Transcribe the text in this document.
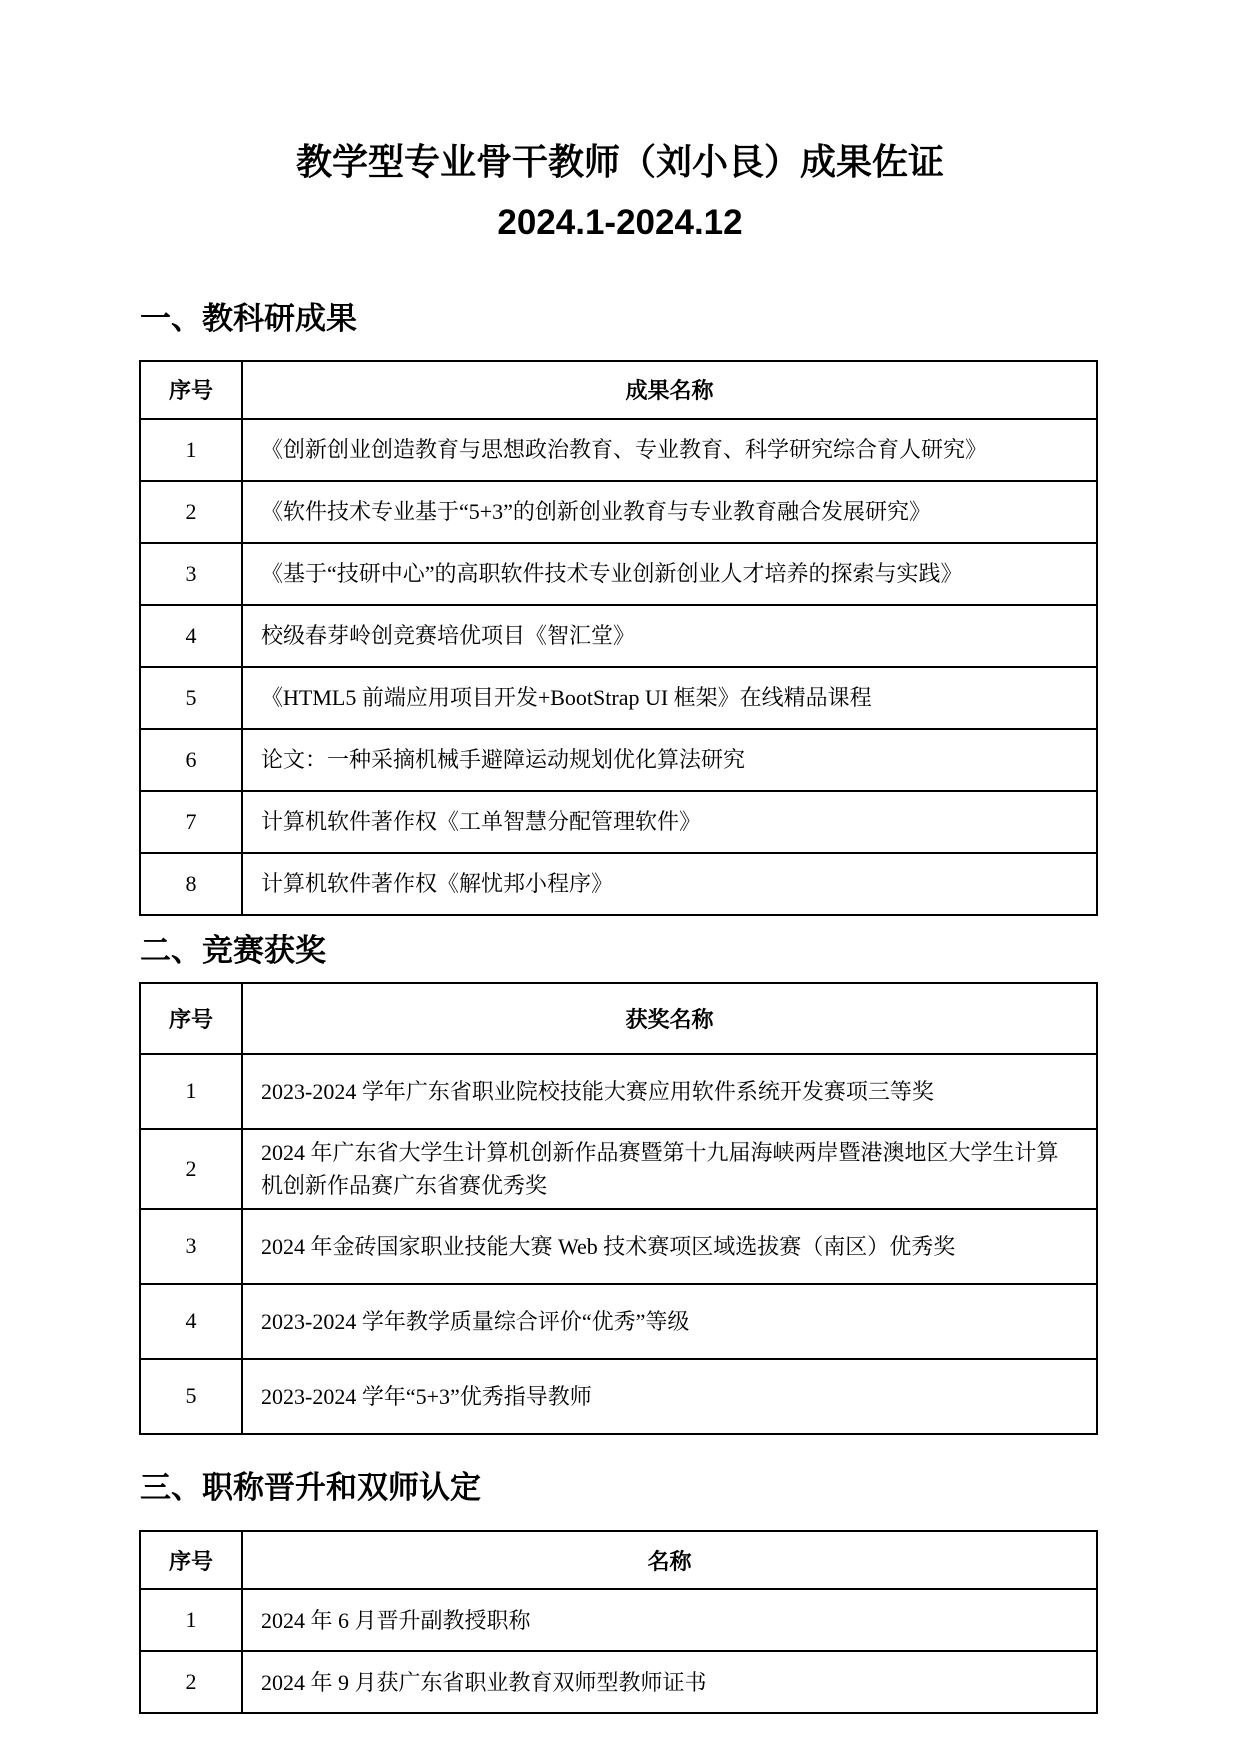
教学型专业骨干教师（刘小艮）成果佐证
2024.1-2024.12
一、教科研成果
序号	成果名称
1	《创新创业创造教育与思想政治教育、专业教育、科学研究综合育人研究》
2	《软件技术专业基于“5+3”的创新创业教育与专业教育融合发展研究》
3	《基于“技研中心”的高职软件技术专业创新创业人才培养的探索与实践》
4	校级春芽岭创竞赛培优项目《智汇堂》
5	《HTML5 前端应用项目开发+BootStrap UI 框架》在线精品课程
6	论文：一种采摘机械手避障运动规划优化算法研究
7	计算机软件著作权《工单智慧分配管理软件》
8	计算机软件著作权《解忧邦小程序》
二、竞赛获奖
序号	获奖名称
1	2023-2024 学年广东省职业院校技能大赛应用软件系统开发赛项三等奖
2	2024 年广东省大学生计算机创新作品赛暨第十九届海峡两岸暨港澳地区大学生计算机创新作品赛广东省赛优秀奖
3	2024 年金砖国家职业技能大赛 Web 技术赛项区域选拔赛（南区）优秀奖
4	2023-2024 学年教学质量综合评价“优秀”等级
5	2023-2024 学年“5+3”优秀指导教师
三、职称晋升和双师认定
序号	名称
1	2024 年 6 月晋升副教授职称
2	2024 年 9 月获广东省职业教育双师型教师证书
